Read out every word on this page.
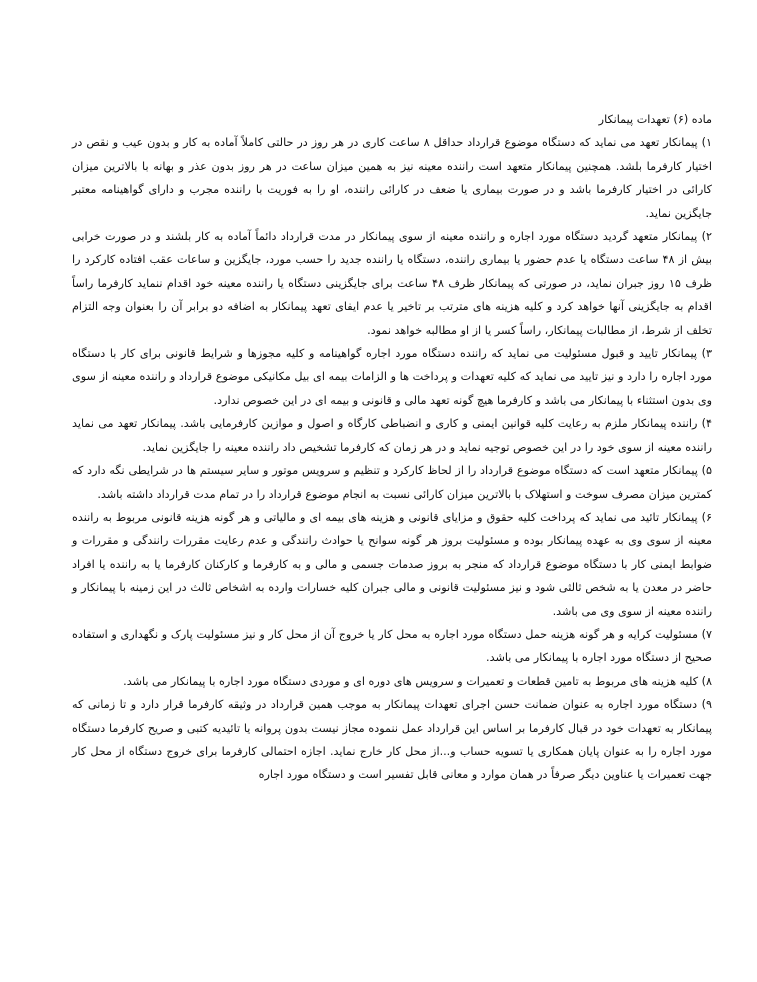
ماده (۶) تعهدات پیمانکار

۱) پیمانکار تعهد می نماید که دستگاه موضوع قرارداد حداقل ۸ ساعت کاری در هر روز در حالتی کاملاً آماده به کار و بدون عیب و نقص در اختیار کارفرما بلشد. همچنین پیمانکار متعهد است راننده معینه نیز به همین میزان ساعت در هر روز بدون عذر و بهانه با بالاترین میزان کارائی در اختیار کارفرما باشد و در صورت بیماری یا ضعف در کارائی راننده، او را به فوریت با راننده مجرب و دارای گواهینامه معتبر جایگزین نماید.

۲) پیمانکار متعهد گردید دستگاه مورد اجاره و راننده معینه از سوی پیمانکار در مدت قرارداد دائماً آماده به کار بلشند و در صورت خرابی بیش از ۴۸ ساعت دستگاه یا عدم حضور یا بیماری راننده، دستگاه یا راننده جدید را حسب مورد، جایگزین و ساعات عقب افتاده کارکرد را ظرف ۱۵ روز جبران نماید، در صورتی که پیمانکار ظرف ۴۸ ساعت برای جایگزینی دستگاه یا راننده معینه خود اقدام ننماید کارفرما راساً اقدام به جایگزینی آنها خواهد کرد و کلیه هزینه های مترتب بر تاخیر یا عدم ایفای تعهد پیمانکار به اضافه دو برابر آن را بعنوان وجه التزام تخلف از شرط، از مطالبات پیمانکار، راساً کسر یا از او مطالبه خواهد نمود.

۳) پیمانکار تایید و قبول مسئولیت می نماید که راننده دستگاه مورد اجاره گواهینامه و کلیه مجوزها و شرایط قانونی برای کار با دستگاه مورد اجاره را دارد و نیز تایید می نماید که کلیه تعهدات و پرداخت ها و الزامات بیمه ای بیل مکانیکی موضوع قرارداد و راننده معینه از سوی وی بدون استثناء با پیمانکار می باشد و کارفرما هیچ گونه تعهد مالی و قانونی و بیمه ای در این خصوص ندارد.

۴) راننده پیمانکار ملزم به رعایت کلیه قوانین ایمنی و کاری و انضباطی کارگاه و اصول و موازین کارفرمایی باشد. پیمانکار تعهد می نماید راننده معینه از سوی خود را در این خصوص توجیه نماید و در هر زمان که کارفرما تشخیص داد راننده معینه را جایگزین نماید.

۵) پیمانکار متعهد است که دستگاه موضوع قرارداد را از لحاظ کارکرد و تنظیم و سرویس موتور و سایر سیستم ها در شرایطی نگه دارد که کمترین میزان مصرف سوخت و استهلاک با بالاترین میزان کارائی نسبت به انجام موضوع قرارداد را در تمام مدت قرارداد داشته باشد.

۶) پیمانکار تائید می نماید که پرداخت کلیه حقوق و مزایای قانونی و هزینه های بیمه ای و مالیاتی و هر گونه هزینه قانونی مربوط به راننده معینه از سوی وی به عهده پیمانکار بوده و مسئولیت بروز هر گونه سوانح یا حوادث رانندگی و عدم رعایت مقررات رانندگی و مقررات و ضوابط ایمنی کار با دستگاه موضوع قرارداد که منجر به بروز صدمات جسمی و مالی و به کارفرما و کارکنان کارفرما یا به راننده یا افراد حاضر در معدن یا به شخص ثالثی شود و نیز مسئولیت قانونی و مالی جبران کلیه خسارات وارده به اشخاص ثالث در این زمینه با پیمانکار و راننده معینه از سوی وی می باشد.

۷) مسئولیت کرایه و هر گونه هزینه حمل دستگاه مورد اجاره به محل کار یا خروج آن از محل کار و نیز مسئولیت پارک و نگهداری و استفاده صحیح از دستگاه مورد اجاره با پیمانکار می باشد.

۸) کلیه هزینه های مربوط به تامین قطعات و تعمیرات و سرویس های دوره ای و موردی دستگاه مورد اجاره با پیمانکار می باشد.

۹) دستگاه مورد اجاره به عنوان ضمانت حسن اجرای تعهدات پیمانکار به موجب همین قرارداد در وثیقه کارفرما قرار دارد و تا زمانی که پیمانکار به تعهدات خود در قبال کارفرما بر اساس این قرارداد عمل ننموده مجاز نیست بدون پروانه یا تائیدیه کتبی و صریح کارفرما دستگاه مورد اجاره را به عنوان پایان همکاری یا تسویه حساب و...از محل کار خارج نماید. اجازه احتمالی کارفرما برای خروج دستگاه از محل کار جهت تعمیرات یا عناوین دیگر صرفاً در همان موارد و معانی قابل تفسیر است و دستگاه مورد اجاره
